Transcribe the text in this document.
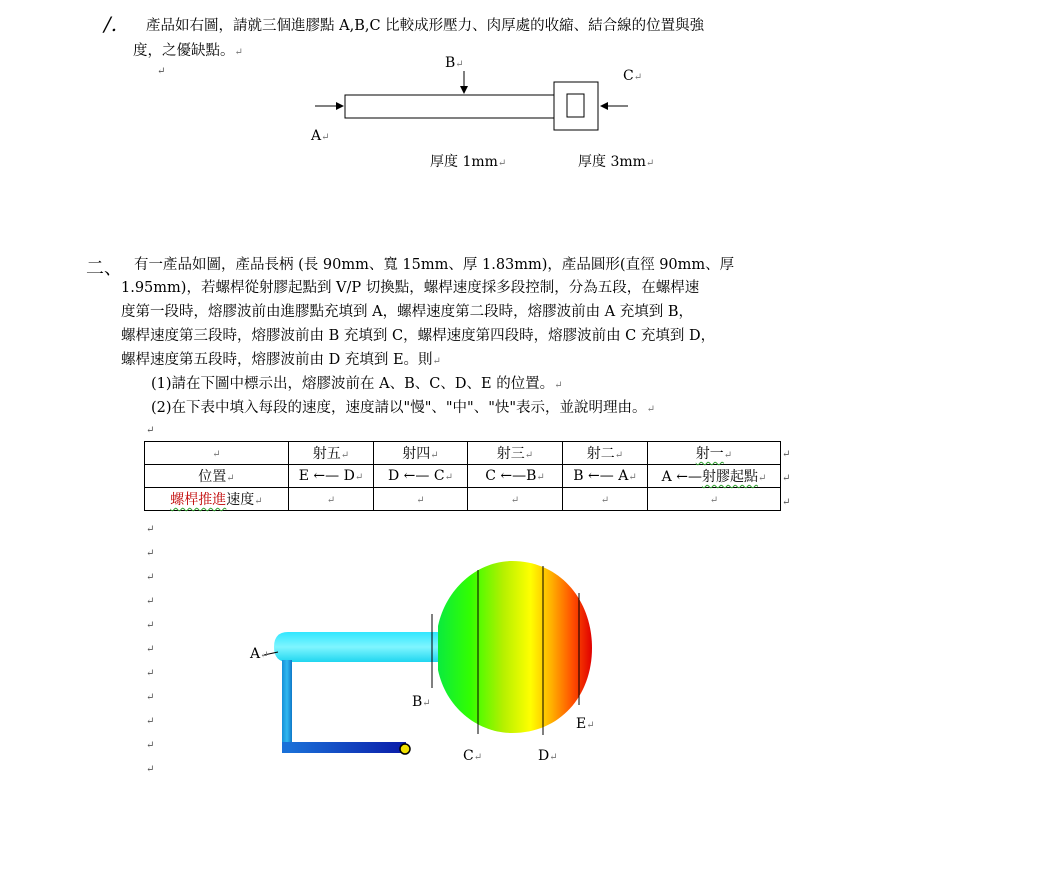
/. 產品如右圖，請就三個進膠點 A,B,C 比較成形壓力、肉厚處的收縮、結合線的位置與強
度，之優缺點。↵
↵
B↵
C↵
A↵
厚度 1mm↵	厚度 3mm↵
二、 有一產品如圖，產品長柄 (長 90mm、寬 15mm、厚 1.83mm)，產品圓形(直徑 90mm、厚
1.95mm)，若螺桿從射膠起點到 V/P 切換點，螺桿速度採多段控制，分為五段，在螺桿速
度第一段時，熔膠波前由進膠點充填到 A，螺桿速度第二段時，熔膠波前由 A 充填到 B，
螺桿速度第三段時，熔膠波前由 B 充填到 C，螺桿速度第四段時，熔膠波前由 C 充填到 D，
螺桿速度第五段時，熔膠波前由 D 充填到 E。則↵
(1)請在下圖中標示出，熔膠波前在 A、B、C、D、E 的位置。↵
(2)在下表中填入每段的速度，速度請以"慢"、"中"、"快"表示，並說明理由。↵
↵
↵	射五↵	射四↵	射三↵	射二↵	射一↵
位置↵	E ←— D↵	D ←— C↵	C ←—B↵	B ←— A↵	A ←—射膠起點↵
螺桿推進速度↵	↵	↵	↵	↵	↵
↵
↵
↵
↵
↵
↵
↵
↵
↵
↵
↵
↵
↵
↵
A↵
B↵
C↵	D↵
E↵
